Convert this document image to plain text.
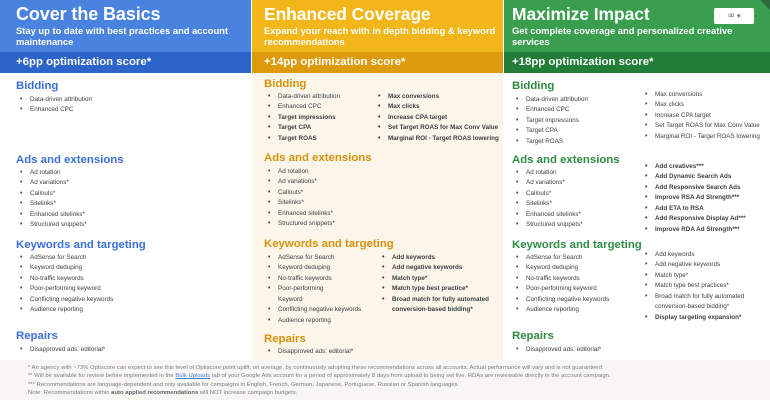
Cover the Basics

Stay up to date with best practices and account maintenance

+6pp optimization score*
Bidding
• Data-driven attribution
• Enhanced CPC
Ads and extensions
• Ad rotation
• Ad variations*
• Callouts*
• Sitelinks*
• Enhanced sitelinks*
• Structured snippets*
Keywords and targeting
• AdSense for Search
• Keyword deduping
• No-traffic keywords
• Poor-performing keyword
• Conflicting negative keywords
• Audience reporting
Repairs
• Disapproved ads: editorial*
Enhanced Coverage

Expand your reach with in depth bidding & keyword recommendations

+14pp optimization score*
Bidding
• Data-driven attribution
• Enhanced CPC
• Target impressions
• Target CPA
• Target ROAS
• Max conversions
• Max clicks
• Increase CPA target
• Set Target ROAS for Max Conv Value
• Marginal ROI - Target ROAS lowering
Ads and extensions
• Ad rotation
• Ad variations*
• Callouts*
• Sitelinks*
• Enhanced sitelinks*
• Structured snippets*
Keywords and targeting
• AdSense for Search
• Keyword deduping
• No-traffic keywords
• Poor-performing
Keyword
• Conflicting negative keywords
• Audience reporting
• Add keywords
• Add negative keywords
• Match type*
• Match type best practice*
• Broad match for fully automated
conversion-based bidding*
Repairs
• Disapproved ads: editorial*
Maximize Impact

Get complete coverage and personalized creative services

∞ ▾
+18pp optimization score*
Bidding
• Data-driven attribution
• Enhanced CPC
• Target impressions
• Target CPA
• Target ROAS
• Max conversions
• Max clicks
• Increase CPA target
• Set Target ROAS for Max Conv Value
• Marginal ROI - Target ROAS lowering
Ads and extensions
• Ad rotation
• Ad variations*
• Callouts*
• Sitelinks*
• Enhanced sitelinks*
• Structured snippets*
• Add creatives***
• Add Dynamic Search Ads
• Add Responsive Search Ads
• Improve RSA Ad Strength***
• Add ETA to RSA
• Add Responsive Display Ad***
• Improve RDA Ad Strength***
Keywords and targeting
• AdSense for Search
• Keyword deduping
• No-traffic keywords
• Poor-performing keyword
• Conflicting negative keywords
• Audience reporting
• Add keywords
• Add negative keywords
• Match type*
• Match type best practices*
• Broad match for fully automated
conversion-based bidding*
• Display targeting expansion*
Repairs
• Disapproved ads: editorial*
* An agency with ~73% Optiscore can expect to see this level of Optiscore point uplift, on average, by continuously adopting these recommendations across all accounts. Actual performance will vary and is not guaranteed.
** Will be available for review before implemented in the Bulk Uploads tab of your Google Ads account for a period of approximately 8 days from upload to being set live. RDAs are reviewable directly in the account campaign.
*** Recommendations are language-dependent and only available for campaigns in English, French, German, Japanese, Portuguese, Russian or Spanish languages.
Note: Recommendations within auto applied recommendations will NOT increase campaign budgets.
